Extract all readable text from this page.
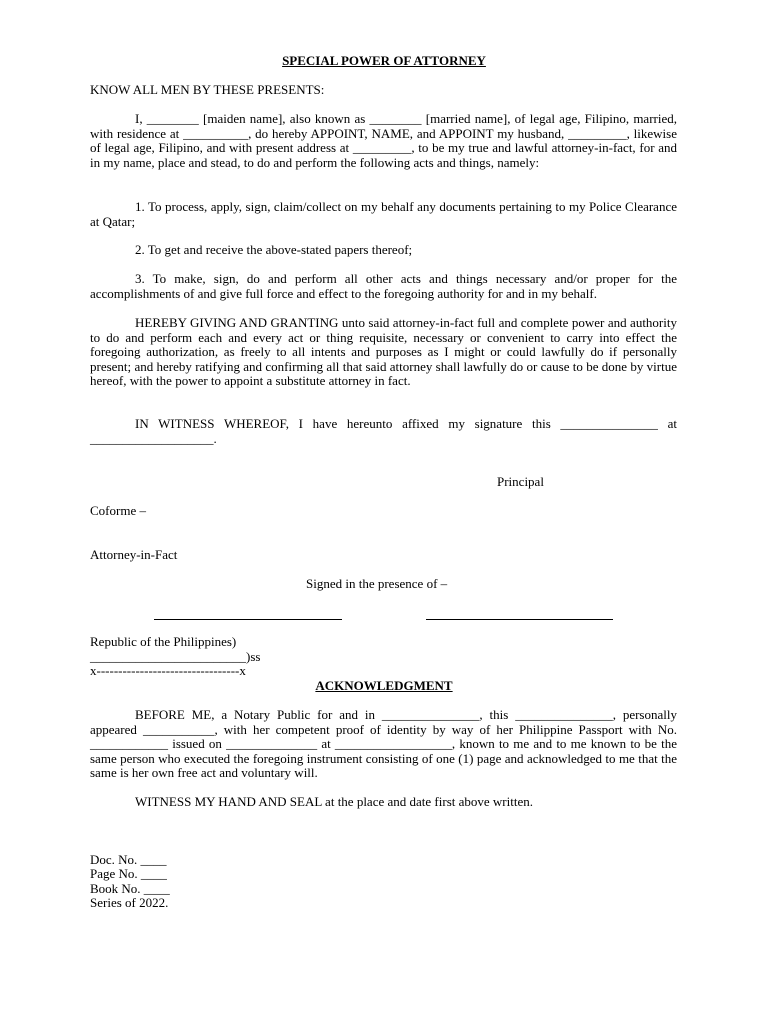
SPECIAL POWER OF ATTORNEY
KNOW ALL MEN BY THESE PRESENTS:
I, ________ [maiden name], also known as ________ [married name], of legal age, Filipino, married, with residence at __________, do hereby APPOINT, NAME, and APPOINT my husband, _________, likewise of legal age, Filipino, and with present address at _________, to be my true and lawful attorney-in-fact, for and in my name, place and stead, to do and perform the following acts and things, namely:
1. To process, apply, sign, claim/collect on my behalf any documents pertaining to my Police Clearance at Qatar;
2. To get and receive the above-stated papers thereof;
3. To make, sign, do and perform all other acts and things necessary and/or proper for the accomplishments of and give full force and effect to the foregoing authority for and in my behalf.
HEREBY GIVING AND GRANTING unto said attorney-in-fact full and complete power and authority to do and perform each and every act or thing requisite, necessary or convenient to carry into effect the foregoing authorization, as freely to all intents and purposes as I might or could lawfully do if personally present; and hereby ratifying and confirming all that said attorney shall lawfully do or cause to be done by virtue hereof, with the power to appoint a substitute attorney in fact.
IN WITNESS WHEREOF, I have hereunto affixed my signature this _______________ at ___________________.
Principal
Coforme –
Attorney-in-Fact
Signed in the presence of –
Republic of the Philippines)
________________________)ss
x---------------------------------x
ACKNOWLEDGMENT
BEFORE ME, a Notary Public for and in _______________, this _______________, personally appeared ___________, with her competent proof of identity by way of her Philippine Passport with No. ____________ issued on ______________ at __________________, known to me and to me known to be the same person who executed the foregoing instrument consisting of one (1) page and acknowledged to me that the same is her own free act and voluntary will.
WITNESS MY HAND AND SEAL at the place and date first above written.
Doc. No. ____
Page No. ____
Book No. ____
Series of 2022.
